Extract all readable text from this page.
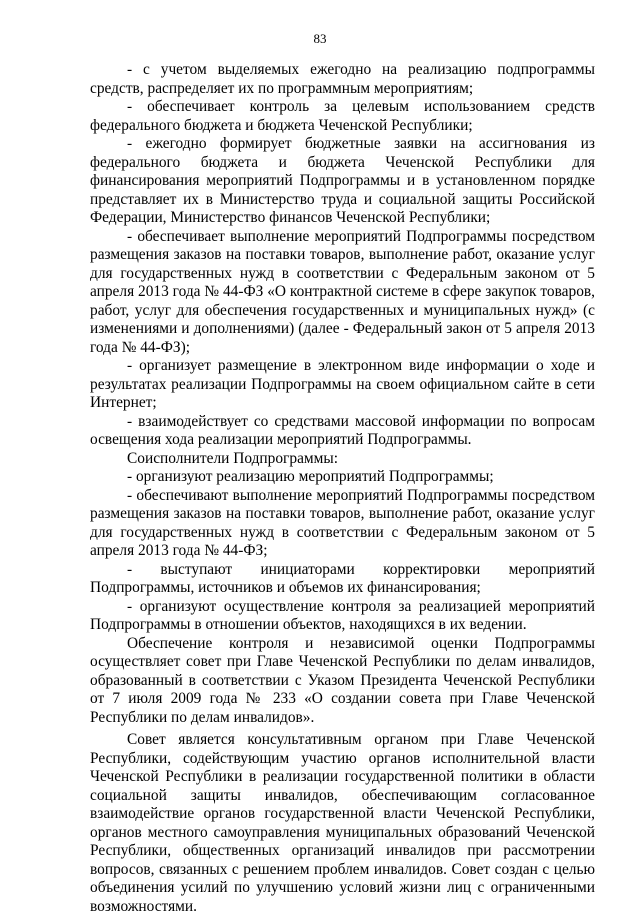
83

- с учетом выделяемых ежегодно на реализацию подпрограммы средств, распределяет их по программным мероприятиям;

- обеспечивает контроль за целевым использованием средств федерального бюджета и бюджета Чеченской Республики;

- ежегодно формирует бюджетные заявки на ассигнования из федерального бюджета и бюджета Чеченской Республики для финансирования мероприятий Подпрограммы и в установленном порядке представляет их в Министерство труда и социальной защиты Российской Федерации, Министерство финансов Чеченской Республики;

- обеспечивает выполнение мероприятий Подпрограммы посредством размещения заказов на поставки товаров, выполнение работ, оказание услуг для государственных нужд в соответствии с Федеральным законом от 5 апреля 2013 года № 44-ФЗ «О контрактной системе в сфере закупок товаров, работ, услуг для обеспечения государственных и муниципальных нужд» (с изменениями и дополнениями) (далее - Федеральный закон от 5 апреля 2013 года № 44-ФЗ);

- организует размещение в электронном виде информации о ходе и результатах реализации Подпрограммы на своем официальном сайте в сети Интернет;

- взаимодействует со средствами массовой информации по вопросам освещения хода реализации мероприятий Подпрограммы.

Соисполнители Подпрограммы:

- организуют реализацию мероприятий Подпрограммы;

- обеспечивают выполнение мероприятий Подпрограммы посредством размещения заказов на поставки товаров, выполнение работ, оказание услуг для государственных нужд в соответствии с Федеральным законом от 5 апреля 2013 года № 44-ФЗ;

- выступают инициаторами корректировки мероприятий Подпрограммы, источников и объемов их финансирования;

- организуют осуществление контроля за реализацией мероприятий Подпрограммы в отношении объектов, находящихся в их ведении.

Обеспечение контроля и независимой оценки Подпрограммы осуществляет совет при Главе Чеченской Республики по делам инвалидов, образованный в соответствии с Указом Президента Чеченской Республики от 7 июля 2009 года № 233 «О создании совета при Главе Чеченской Республики по делам инвалидов».

Совет является консультативным органом при Главе Чеченской Республики, содействующим участию органов исполнительной власти Чеченской Республики в реализации государственной политики в области социальной защиты инвалидов, обеспечивающим согласованное взаимодействие органов государственной власти Чеченской Республики, органов местного самоуправления муниципальных образований Чеченской Республики, общественных организаций инвалидов при рассмотрении вопросов, связанных с решением проблем инвалидов. Совет создан с целью объединения усилий по улучшению условий жизни лиц с ограниченными возможностями.
